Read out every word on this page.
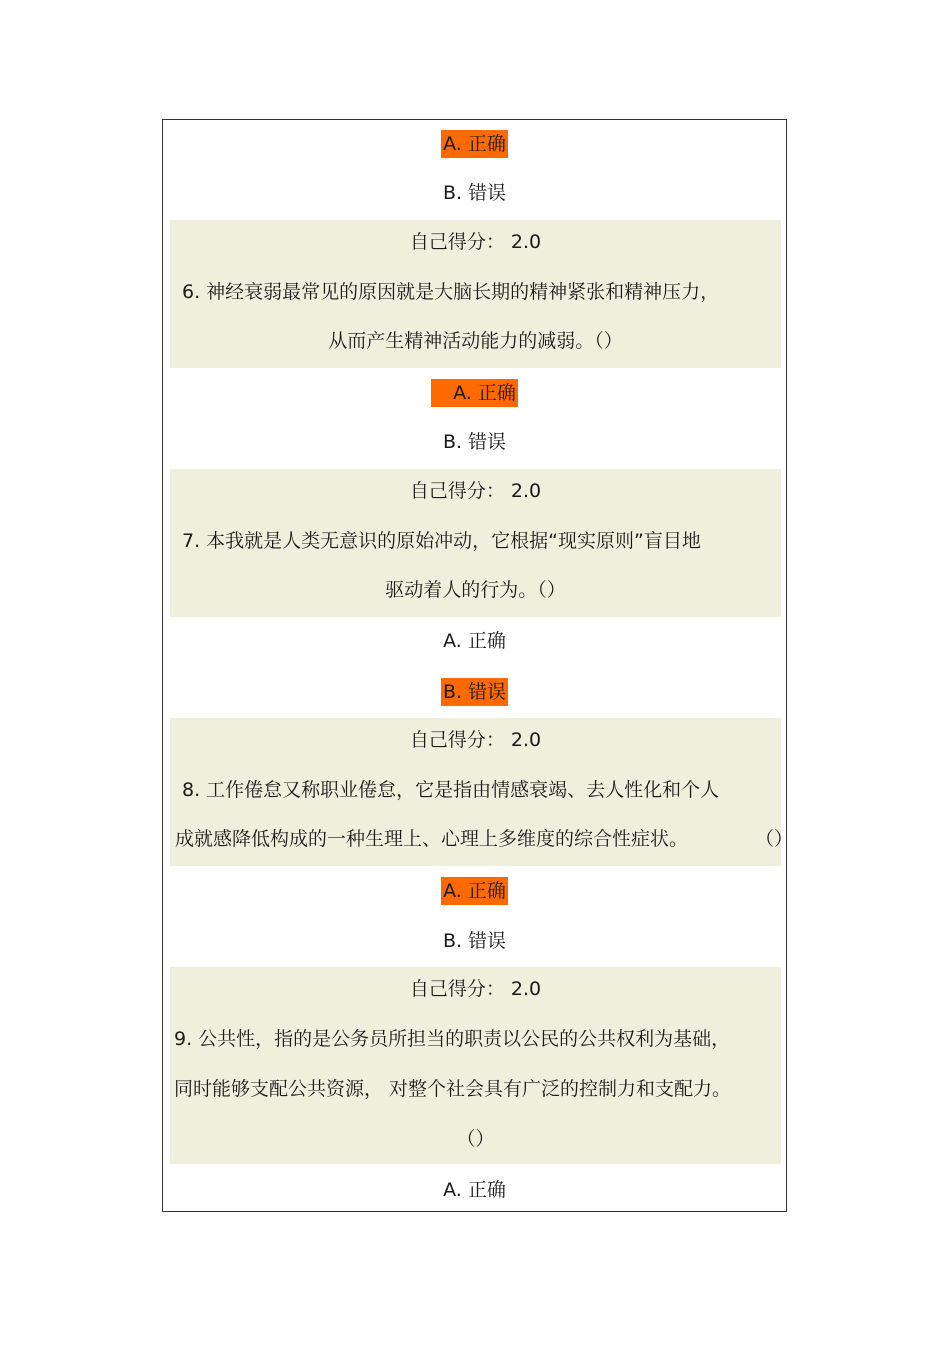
A. 正确
B. 错误
自己得分： 2.0
6. 神经衰弱最常见的原因就是大脑长期的精神紧张和精神压力，
从而产生精神活动能力的减弱。（）
A. 正确
B. 错误
自己得分： 2.0
7. 本我就是人类无意识的原始冲动，它根据“现实原则”盲目地
驱动着人的行为。（）
A. 正确
B. 错误
自己得分： 2.0
8. 工作倦怠又称职业倦怠，它是指由情感衰竭、去人性化和个人
成就感降低构成的一种生理上、心理上多维度的综合性症状。	（）
A. 正确
B. 错误
自己得分： 2.0
9. 公共性，指的是公务员所担当的职责以公民的公共权利为基础，
同时能够支配公共资源， 对整个社会具有广泛的控制力和支配力。
（）
A. 正确
